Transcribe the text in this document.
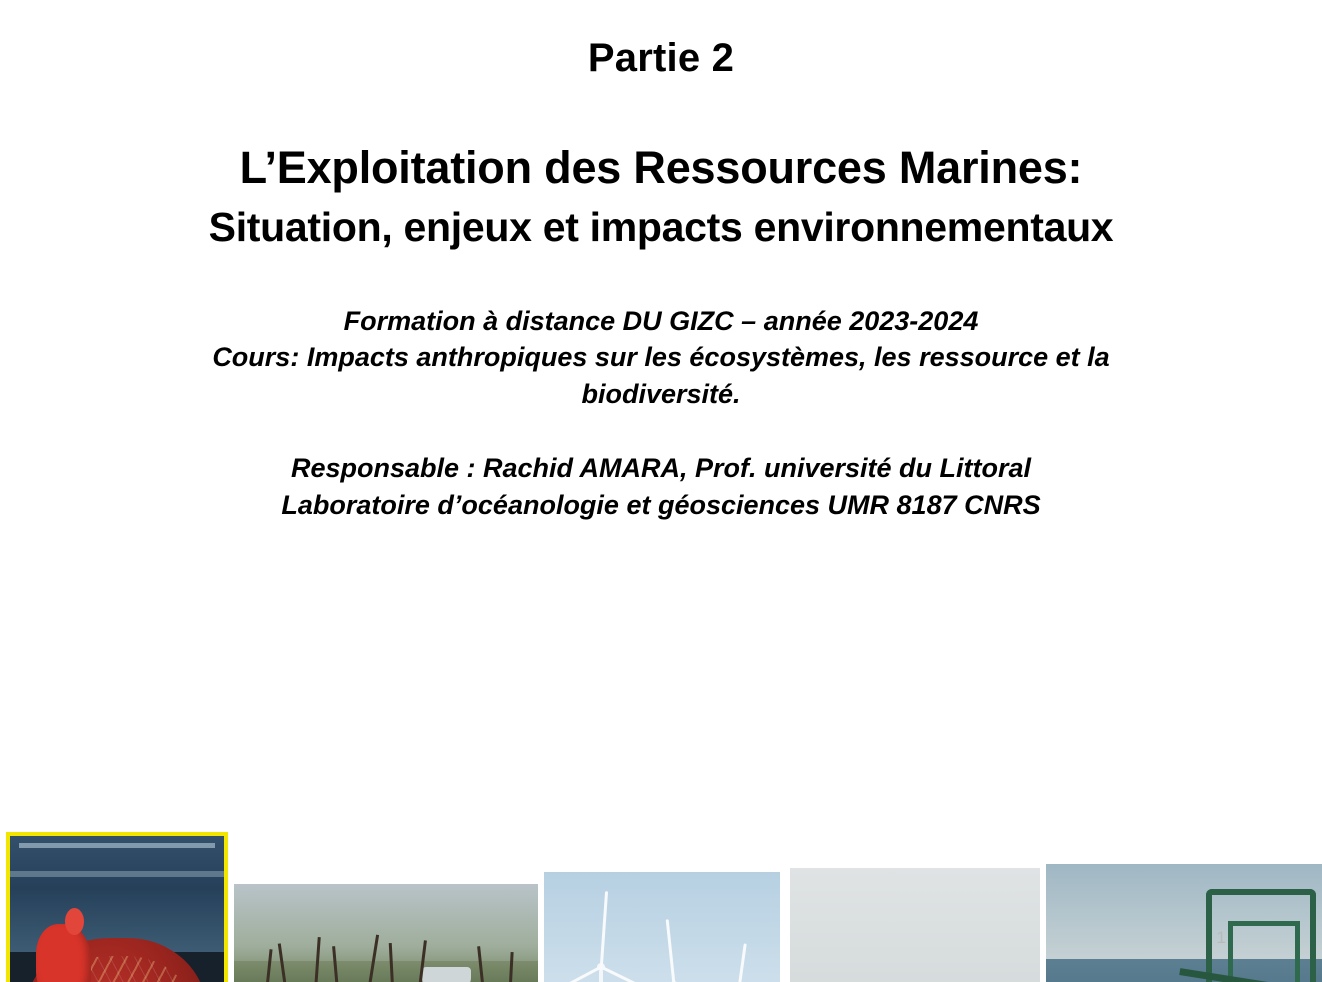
Partie 2
L’Exploitation des Ressources Marines:
Situation, enjeux et impacts environnementaux
Formation à distance DU GIZC – année 2023-2024
Cours: Impacts anthropiques sur les écosystèmes, les ressource et la
biodiversité.
Responsable : Rachid AMARA, Prof. université du Littoral
Laboratoire d’océanologie et géosciences UMR 8187 CNRS
1
